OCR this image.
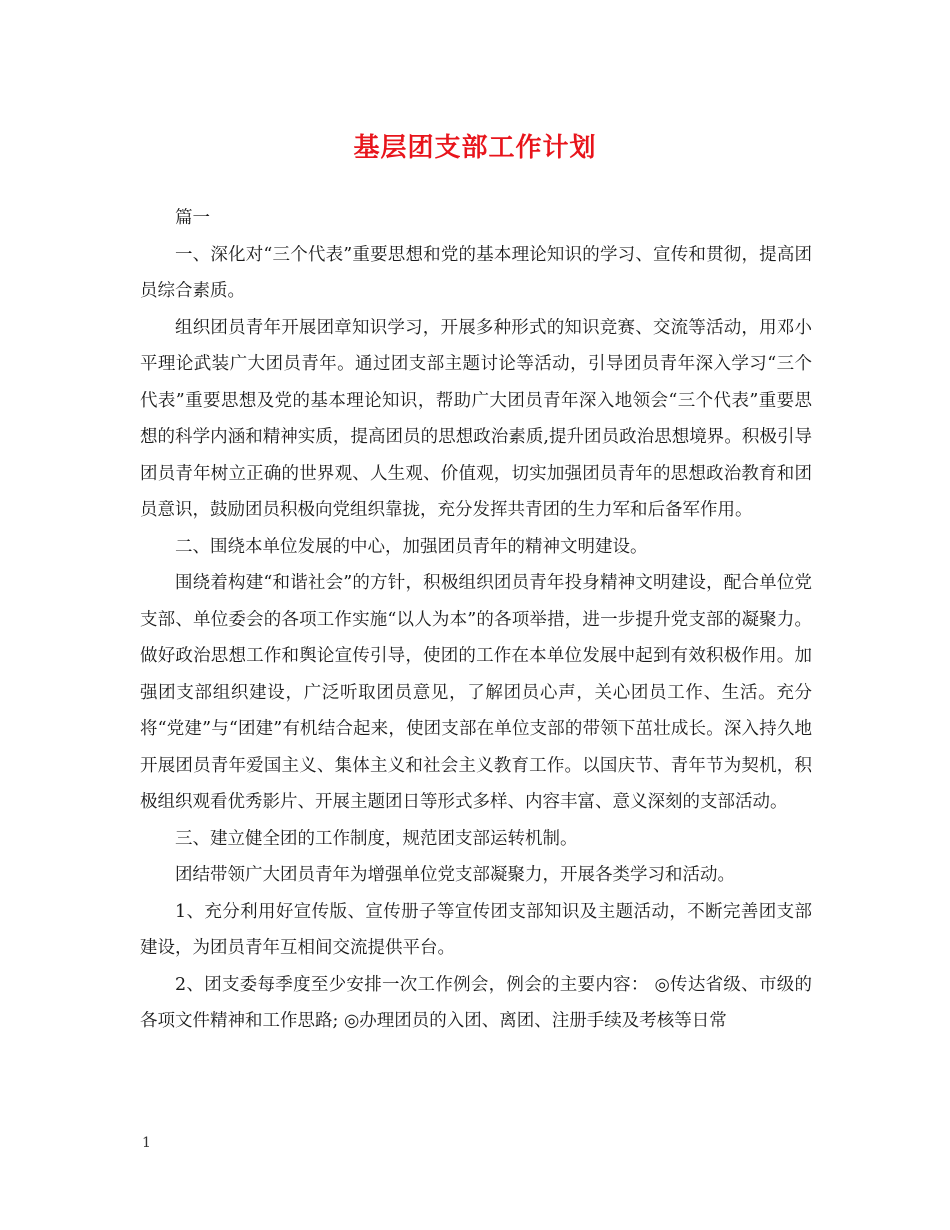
基层团支部工作计划

篇一

一、深化对“三个代表”重要思想和党的基本理论知识的学习、宣传和贯彻，提高团员综合素质。

组织团员青年开展团章知识学习，开展多种形式的知识竞赛、交流等活动，用邓小平理论武装广大团员青年。通过团支部主题讨论等活动，引导团员青年深入学习“三个代表”重要思想及党的基本理论知识，帮助广大团员青年深入地领会“三个代表”重要思想的科学内涵和精神实质，提高团员的思想政治素质,提升团员政治思想境界。积极引导团员青年树立正确的世界观、人生观、价值观，切实加强团员青年的思想政治教育和团员意识，鼓励团员积极向党组织靠拢，充分发挥共青团的生力军和后备军作用。

二、围绕本单位发展的中心，加强团员青年的精神文明建设。

围绕着构建“和谐社会”的方针，积极组织团员青年投身精神文明建设，配合单位党支部、单位委会的各项工作实施“以人为本”的各项举措，进一步提升党支部的凝聚力。做好政治思想工作和舆论宣传引导，使团的工作在本单位发展中起到有效积极作用。加强团支部组织建设，广泛听取团员意见，了解团员心声，关心团员工作、生活。充分将“党建”与“团建”有机结合起来，使团支部在单位支部的带领下茁壮成长。深入持久地开展团员青年爱国主义、集体主义和社会主义教育工作。以国庆节、青年节为契机，积极组织观看优秀影片、开展主题团日等形式多样、内容丰富、意义深刻的支部活动。

三、建立健全团的工作制度，规范团支部运转机制。

团结带领广大团员青年为增强单位党支部凝聚力，开展各类学习和活动。

1、充分利用好宣传版、宣传册子等宣传团支部知识及主题活动，不断完善团支部建设，为团员青年互相间交流提供平台。

2、团支委每季度至少安排一次工作例会，例会的主要内容： ◎传达省级、市级的各项文件精神和工作思路; ◎办理团员的入团、离团、注册手续及考核等日常

1
